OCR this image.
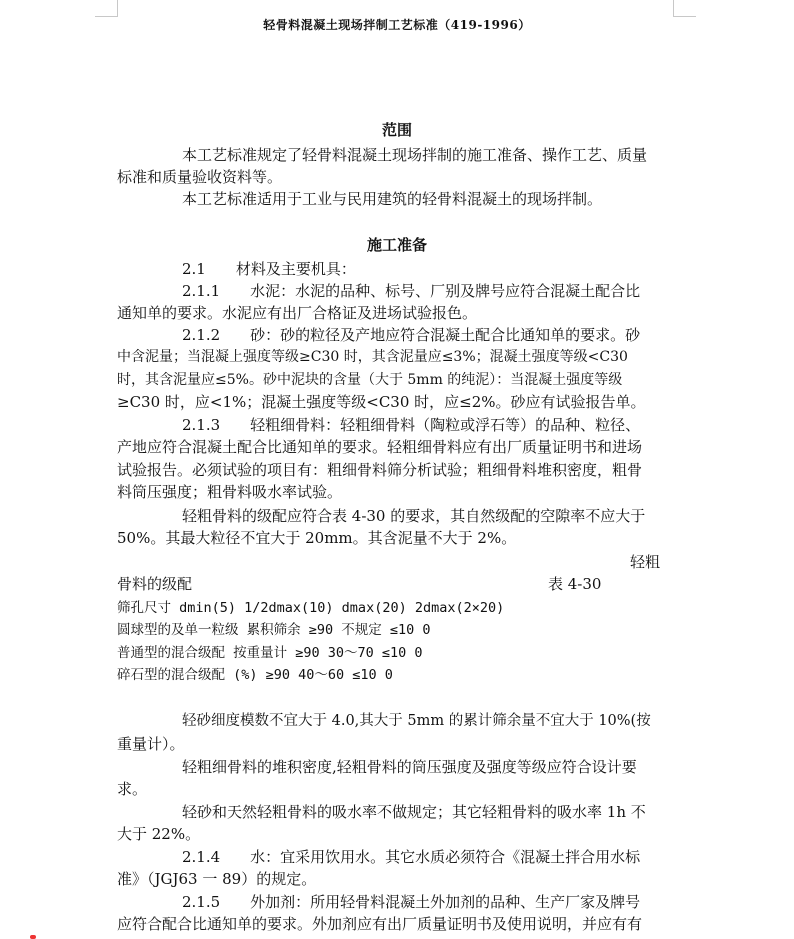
轻骨料混凝土现场拌制工艺标准（419-1996）
范围
本工艺标准规定了轻骨料混凝土现场拌制的施工准备、操作工艺、质量
标准和质量验收资料等。
本工艺标准适用于工业与民用建筑的轻骨料混凝土的现场拌制。
施工准备
2.1　　材料及主要机具：
2.1.1　　水泥：水泥的品种、标号、厂别及牌号应符合混凝土配合比
通知单的要求。水泥应有出厂合格证及进场试验报色。
2.1.2　　砂：砂的粒径及产地应符合混凝土配合比通知单的要求。砂
中含泥量；当混凝上强度等级≥C30 时，其含泥量应≤3%；混凝土强度等级<C30
时，其含泥量应≤5%。砂中泥块的含量（大于 5mm 的纯泥）：当混凝土强度等级
≥C30 时，应<1%；混凝土强度等级<C30 时，应≤2%。砂应有试验报告单。
2.1.3　　轻粗细骨料：轻粗细骨料（陶粒或浮石等）的品种、粒径、
产地应符合混凝土配合比通知单的要求。轻粗细骨料应有出厂质量证明书和进场
试验报告。必须试验的项目有：粗细骨料筛分析试验；粗细骨料堆积密度，粗骨
料筒压强度；粗骨料吸水率试验。
轻粗骨料的级配应符合表 4-30 的要求，其自然级配的空隙率不应大于
50%。其最大粒径不宜大于 20mm。其含泥量不大于 2%。
轻粗
骨料的级配	表 4-30
筛孔尺寸 dmin(5) 1/2dmax(10) dmax(20) 2dmax(2×20)
圆球型的及单一粒级 累积筛余 ≥90 不规定 ≤10 0
普通型的混合级配 按重量计 ≥90 30～70 ≤10 0
碎石型的混合级配 (%) ≥90 40～60 ≤10 0
轻砂细度模数不宜大于 4.0,其大于 5mm 的累计筛余量不宜大于 10%(按
重量计）。
轻粗细骨料的堆积密度,轻粗骨料的筒压强度及强度等级应符合设计要
求。
轻砂和天然轻粗骨料的吸水率不做规定；其它轻粗骨料的吸水率 1h 不
大于 22%。
2.1.4　　水：宜采用饮用水。其它水质必须符合《混凝土拌合用水标
准》（JGJ63 一 89）的规定。
2.1.5　　外加剂：所用轻骨料混凝土外加剂的品种、生产厂家及牌号
应符合配合比通知单的要求。外加剂应有出厂质量证明书及使用说明，并应有有
